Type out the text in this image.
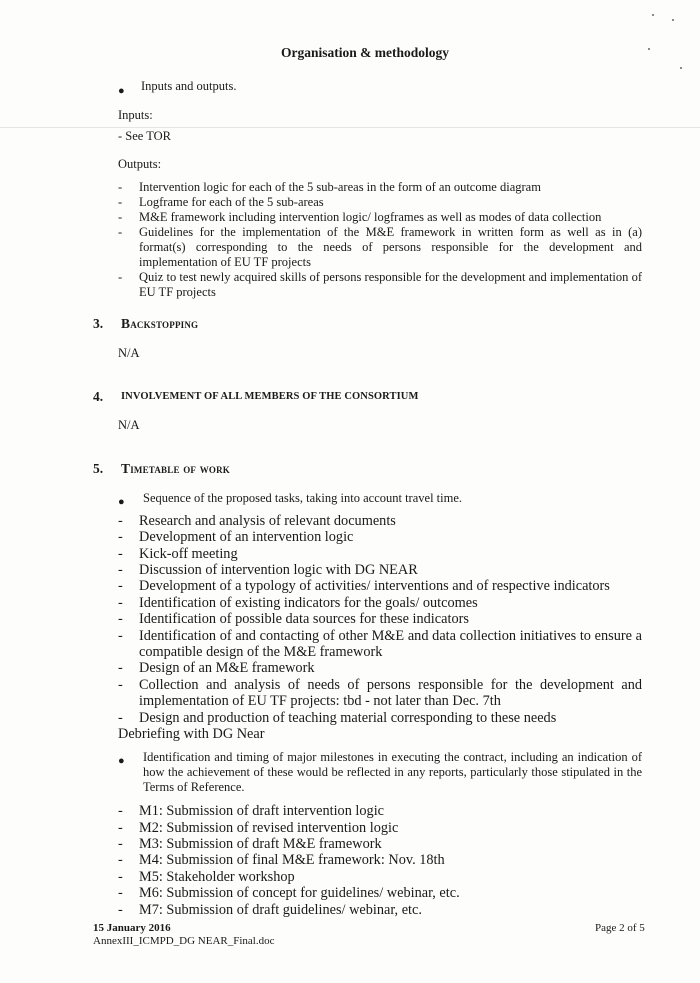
Organisation & methodology
● Inputs and outputs.
Inputs:
- See TOR
Outputs:
- Intervention logic for each of the 5 sub-areas in the form of an outcome diagram
- Logframe for each of the 5 sub-areas
- M&E framework including intervention logic/ logframes as well as modes of data collection
- Guidelines for the implementation of the M&E framework in written form as well as in (a) format(s) corresponding to the needs of persons responsible for the development and implementation of EU TF projects
- Quiz to test newly acquired skills of persons responsible for the development and implementation of EU TF projects
3. Backstopping
N/A
4. INVOLVEMENT OF ALL MEMBERS OF THE CONSORTIUM
N/A
5. Timetable of work
● Sequence of the proposed tasks, taking into account travel time.
- Research and analysis of relevant documents
- Development of an intervention logic
- Kick-off meeting
- Discussion of intervention logic with DG NEAR
- Development of a typology of activities/ interventions and of respective indicators
- Identification of existing indicators for the goals/ outcomes
- Identification of possible data sources for these indicators
- Identification of and contacting of other M&E and data collection initiatives to ensure a compatible design of the M&E framework
- Design of an M&E framework
- Collection and analysis of needs of persons responsible for the development and implementation of EU TF projects: tbd - not later than Dec. 7th
- Design and production of teaching material corresponding to these needs
Debriefing with DG Near
● Identification and timing of major milestones in executing the contract, including an indication of how the achievement of these would be reflected in any reports, particularly those stipulated in the Terms of Reference.
- M1: Submission of draft intervention logic
- M2: Submission of revised intervention logic
- M3: Submission of draft M&E framework
- M4: Submission of final M&E framework: Nov. 18th
- M5: Stakeholder workshop
- M6: Submission of concept for guidelines/ webinar, etc.
- M7: Submission of draft guidelines/ webinar, etc.
15 January 2016
AnnexIII_ICMPD_DG NEAR_Final.doc
Page 2 of 5
